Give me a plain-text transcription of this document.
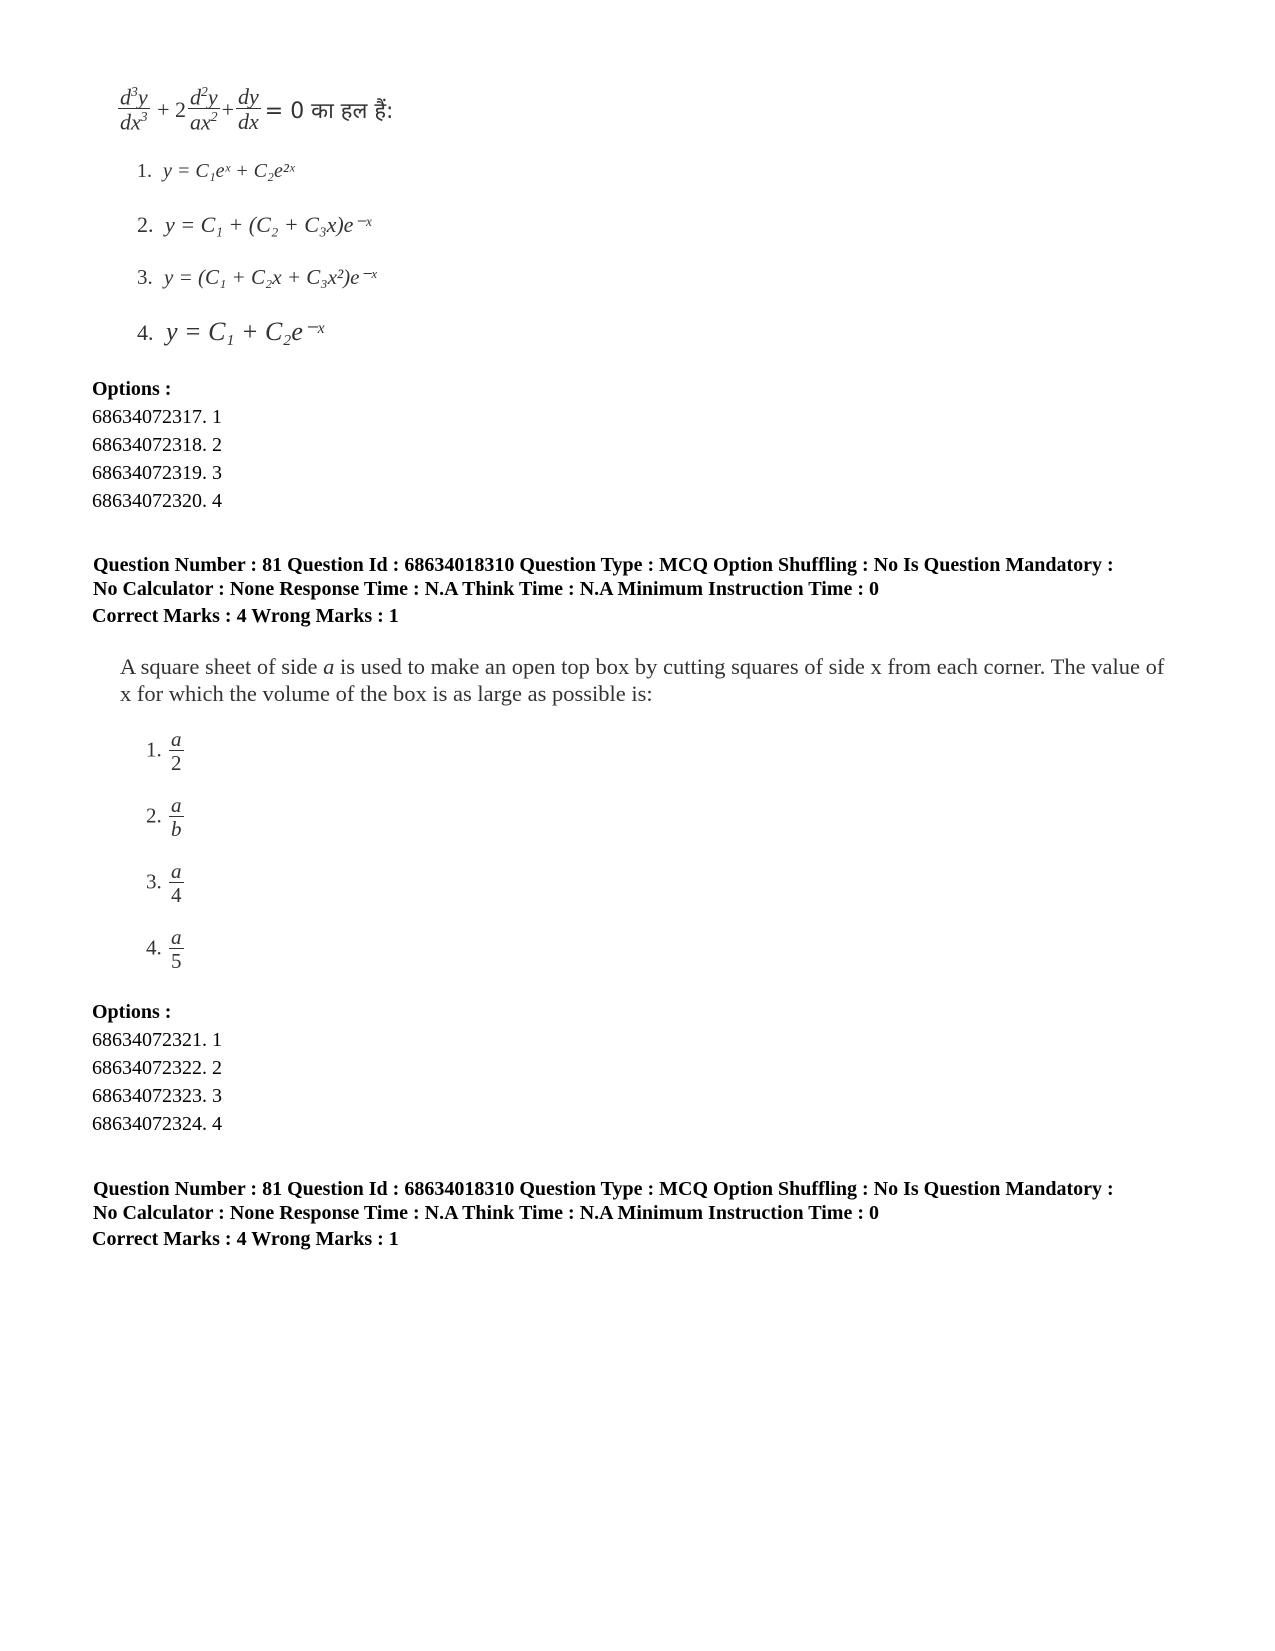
$\frac{d^3y}{dx^3} + 2 \frac{d^2y}{ax^2} + \frac{dy}{dx} = 0$ का हल हैं:
1. y = C₁eˣ + C₂e²ˣ
2. y = C₁ + (C₂ + C₃x)e⁻ˣ
3. y = (C₁ + C₂x + C₃x²)e⁻ˣ
4. y = C₁ + C₂e⁻ˣ
Options :
68634072317. 1
68634072318. 2
68634072319. 3
68634072320. 4
Question Number : 81 Question Id : 68634018310 Question Type : MCQ Option Shuffling : No Is Question Mandatory :
No Calculator : None Response Time : N.A Think Time : N.A Minimum Instruction Time : 0
Correct Marks : 4 Wrong Marks : 1
A square sheet of side a is used to make an open top box by cutting squares of side x from each corner. The value of x for which the volume of the box is as large as possible is:
1. $\frac{a}{2}$
2. $\frac{a}{b}$
3. $\frac{a}{4}$
4. $\frac{a}{5}$
Options :
68634072321. 1
68634072322. 2
68634072323. 3
68634072324. 4
Question Number : 81 Question Id : 68634018310 Question Type : MCQ Option Shuffling : No Is Question Mandatory :
No Calculator : None Response Time : N.A Think Time : N.A Minimum Instruction Time : 0
Correct Marks : 4 Wrong Marks : 1
